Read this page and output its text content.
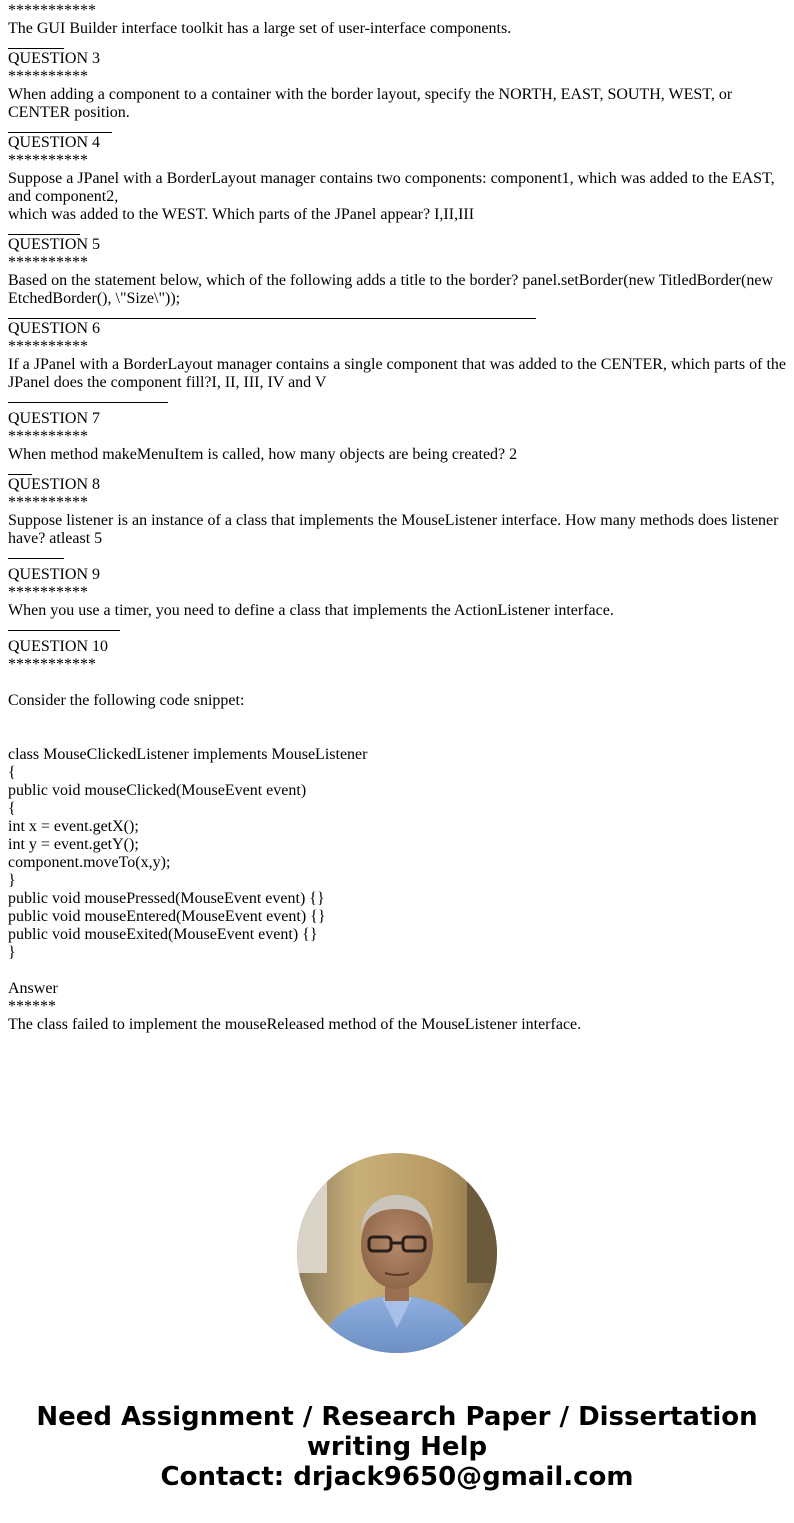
***********
The GUI Builder interface toolkit has a large set of user-interface components.
QUESTION 3
**********
When adding a component to a container with the border layout, specify the NORTH, EAST, SOUTH, WEST, or CENTER position.
QUESTION 4
**********
Suppose a JPanel with a BorderLayout manager contains two components: component1, which was added to the EAST, and component2,
which was added to the WEST. Which parts of the JPanel appear? I,II,III
QUESTION 5
**********
Based on the statement below, which of the following adds a title to the border? panel.setBorder(new TitledBorder(new EtchedBorder(), \"Size\"));
QUESTION 6
**********
If a JPanel with a BorderLayout manager contains a single component that was added to the CENTER, which parts of the JPanel does the component fill?I, II, III, IV and V
QUESTION 7
**********
When method makeMenuItem is called, how many objects are being created? 2
QUESTION 8
**********
Suppose listener is an instance of a class that implements the MouseListener interface. How many methods does listener have? atleast 5
QUESTION 9
**********
When you use a timer, you need to define a class that implements the ActionListener interface.
QUESTION 10
***********
Consider the following code snippet:
class MouseClickedListener implements MouseListener
{
public void mouseClicked(MouseEvent event)
{
int x = event.getX();
int y = event.getY();
component.moveTo(x,y);
}
public void mousePressed(MouseEvent event) {}
public void mouseEntered(MouseEvent event) {}
public void mouseExited(MouseEvent event) {}
}
Answer
******
The class failed to implement the mouseReleased method of the MouseListener interface.
Need Assignment / Research Paper / Dissertation
writing Help
Contact: drjack9650@gmail.com
